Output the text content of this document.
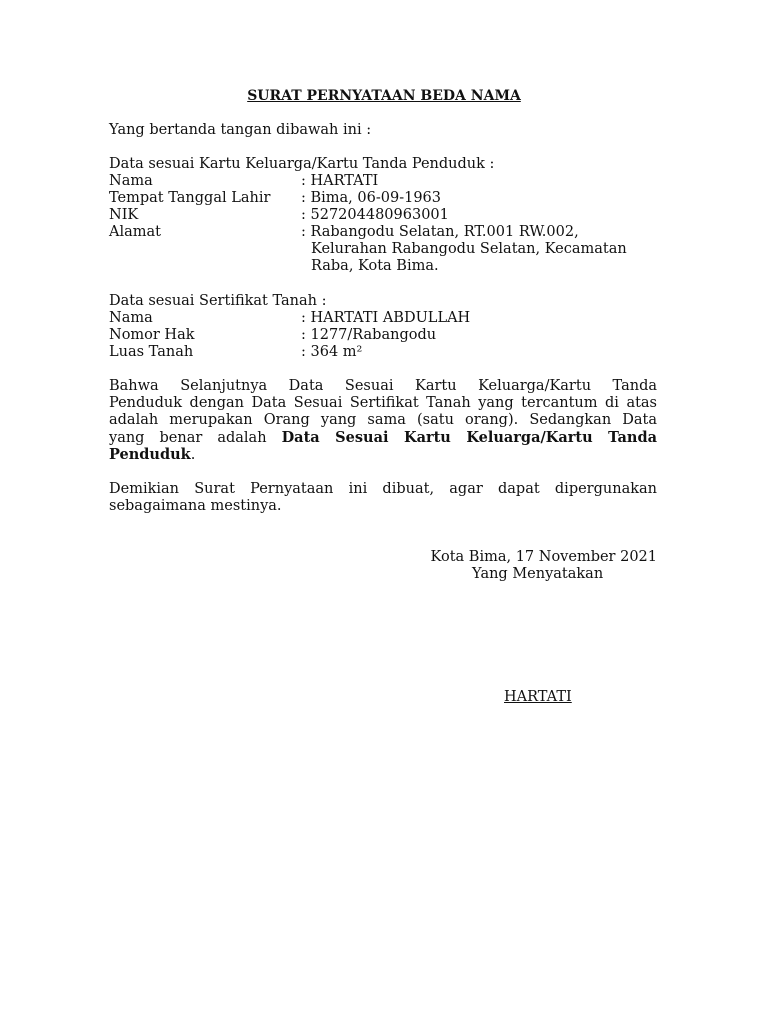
SURAT PERNYATAAN BEDA NAMA
Yang bertanda tangan dibawah ini :
Data sesuai Kartu Keluarga/Kartu Tanda Penduduk :
Nama	: HARTATI
Tempat Tanggal Lahir : Bima, 06-09-1963
NIK	: 527204480963001
Alamat	: Rabangodu Selatan, RT.001 RW.002,
Kelurahan Rabangodu Selatan, Kecamatan
Raba, Kota Bima.
Data sesuai Sertifikat Tanah :
Nama	: HARTATI ABDULLAH
Nomor Hak	: 1277/Rabangodu
Luas Tanah	: 364 m²
Bahwa Selanjutnya Data Sesuai Kartu Keluarga/Kartu Tanda
Penduduk dengan Data Sesuai Sertifikat Tanah yang tercantum di atas
adalah merupakan Orang yang sama (satu orang). Sedangkan Data
yang benar adalah Data Sesuai Kartu Keluarga/Kartu Tanda
Penduduk.
Demikian Surat Pernyataan ini dibuat, agar dapat dipergunakan
sebagaimana mestinya.
Kota Bima, 17 November 2021
Yang Menyatakan
HARTATI
